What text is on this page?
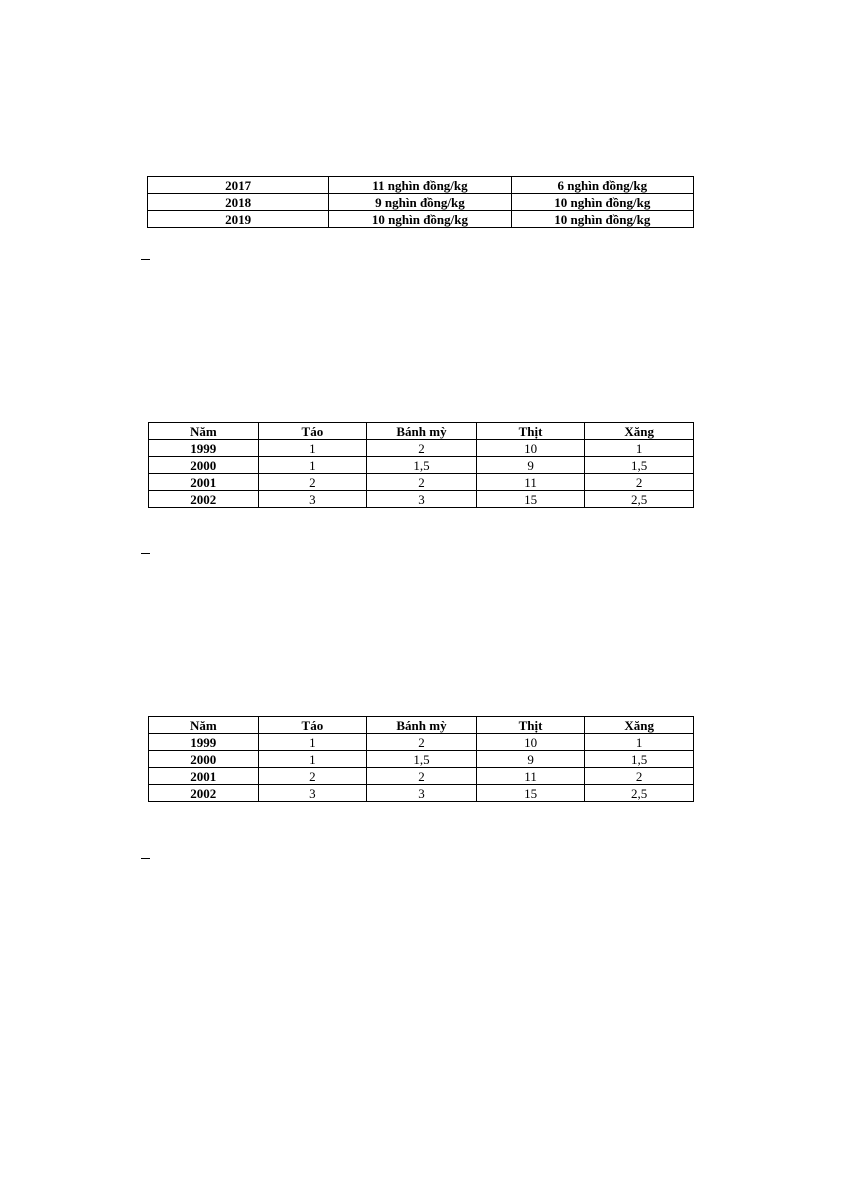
2017	11 nghìn đồng/kg	6 nghìn đồng/kg
2018	9 nghìn đồng/kg	10 nghìn đồng/kg
2019	10 nghìn đồng/kg	10 nghìn đồng/kg
Năm	Táo	Bánh mỳ	Thịt	Xăng
1999	1	2	10	1
2000	1	1,5	9	1,5
2001	2	2	11	2
2002	3	3	15	2,5
Năm	Táo	Bánh mỳ	Thịt	Xăng
1999	1	2	10	1
2000	1	1,5	9	1,5
2001	2	2	11	2
2002	3	3	15	2,5
